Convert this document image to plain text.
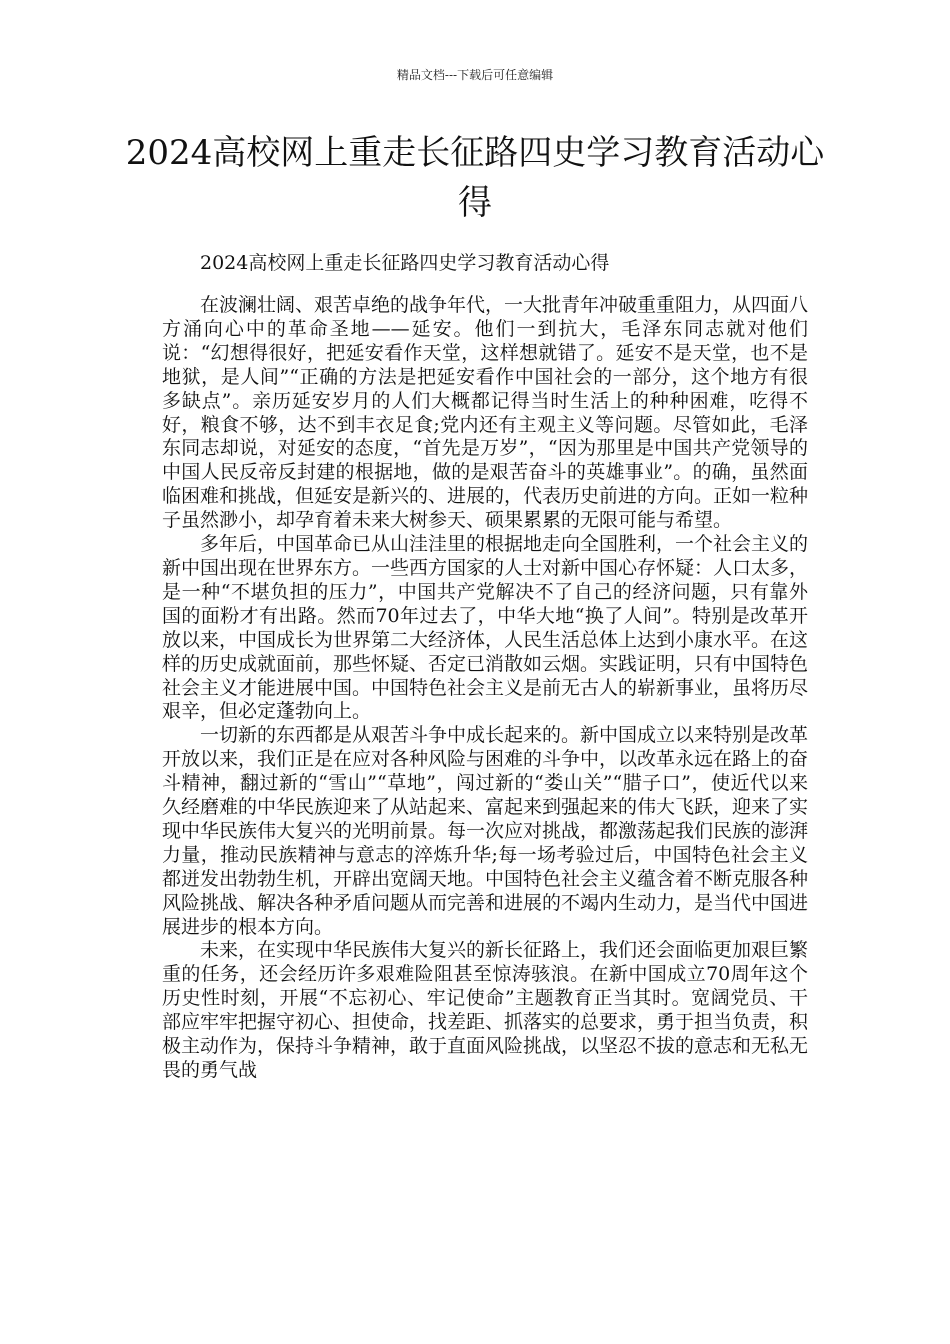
精品文档---下载后可任意编辑
2024高校网上重走长征路四史学习教育活动心得
2024高校网上重走长征路四史学习教育活动心得

在波澜壮阔、艰苦卓绝的战争年代，一大批青年冲破重重阻力，从四面八方涌向心中的革命圣地——延安。他们一到抗大，毛泽东同志就对他们说：“幻想得很好，把延安看作天堂，这样想就错了。延安不是天堂，也不是地狱，是人间”“正确的方法是把延安看作中国社会的一部分，这个地方有很多缺点”。亲历延安岁月的人们大概都记得当时生活上的种种困难，吃得不好，粮食不够，达不到丰衣足食;党内还有主观主义等问题。尽管如此，毛泽东同志却说，对延安的态度，“首先是万岁”，“因为那里是中国共产党领导的中国人民反帝反封建的根据地，做的是艰苦奋斗的英雄事业”。的确，虽然面临困难和挑战，但延安是新兴的、进展的，代表历史前进的方向。正如一粒种子虽然渺小，却孕育着未来大树参天、硕果累累的无限可能与希望。

多年后，中国革命已从山洼洼里的根据地走向全国胜利，一个社会主义的新中国出现在世界东方。一些西方国家的人士对新中国心存怀疑：人口太多，是一种“不堪负担的压力”，中国共产党解决不了自己的经济问题，只有靠外国的面粉才有出路。然而70年过去了，中华大地“换了人间”。特别是改革开放以来，中国成长为世界第二大经济体，人民生活总体上达到小康水平。在这样的历史成就面前，那些怀疑、否定已消散如云烟。实践证明，只有中国特色社会主义才能进展中国。中国特色社会主义是前无古人的崭新事业，虽将历尽艰辛，但必定蓬勃向上。

一切新的东西都是从艰苦斗争中成长起来的。新中国成立以来特别是改革开放以来，我们正是在应对各种风险与困难的斗争中，以改革永远在路上的奋斗精神，翻过新的“雪山”“草地”，闯过新的“娄山关”“腊子口”，使近代以来久经磨难的中华民族迎来了从站起来、富起来到强起来的伟大飞跃，迎来了实现中华民族伟大复兴的光明前景。每一次应对挑战，都激荡起我们民族的澎湃力量，推动民族精神与意志的淬炼升华;每一场考验过后，中国特色社会主义都迸发出勃勃生机，开辟出宽阔天地。中国特色社会主义蕴含着不断克服各种风险挑战、解决各种矛盾问题从而完善和进展的不竭内生动力，是当代中国进展进步的根本方向。

未来，在实现中华民族伟大复兴的新长征路上，我们还会面临更加艰巨繁重的任务，还会经历许多艰难险阻甚至惊涛骇浪。在新中国成立70周年这个历史性时刻，开展“不忘初心、牢记使命”主题教育正当其时。宽阔党员、干部应牢牢把握守初心、担使命，找差距、抓落实的总要求，勇于担当负责，积极主动作为，保持斗争精神，敢于直面风险挑战，以坚忍不拔的意志和无私无畏的勇气战
